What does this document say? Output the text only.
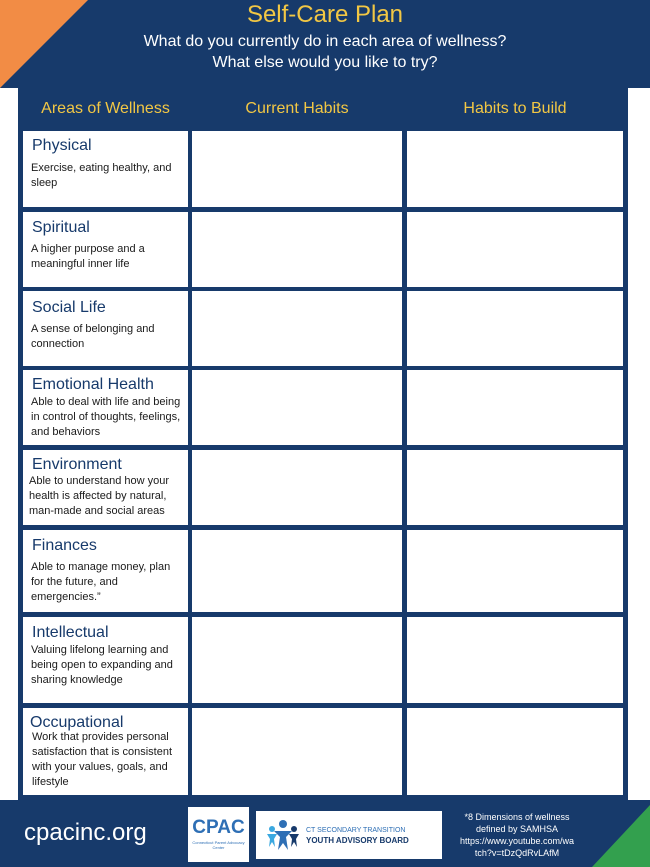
Self-Care Plan
What do you currently do in each area of wellness?
What else would you like to try?
Areas of Wellness	Current Habits	Habits to Build
Physical
Exercise, eating healthy, and sleep
Spiritual
A higher purpose and a meaningful inner life
Social Life
A sense of belonging and connection
Emotional Health
Able to deal with life and being in control of thoughts, feelings, and behaviors
Environment
Able to understand how your health is affected by natural, man-made and social areas
Finances
Able to manage money, plan for the future, and emergencies.”
Intellectual
Valuing lifelong learning and being open to expanding and sharing knowledge
Occupational
Work that provides personal satisfaction that is consistent with your values, goals, and lifestyle
cpacinc.org CPAC
Connecticut Parent Advocacy Center
CT SECONDARY TRANSITION
YOUTH ADVISORY BOARD
*8 Dimensions of wellness
defined by SAMHSA
https://www.youtube.com/wa
tch?v=tDzQdRvLAfM
